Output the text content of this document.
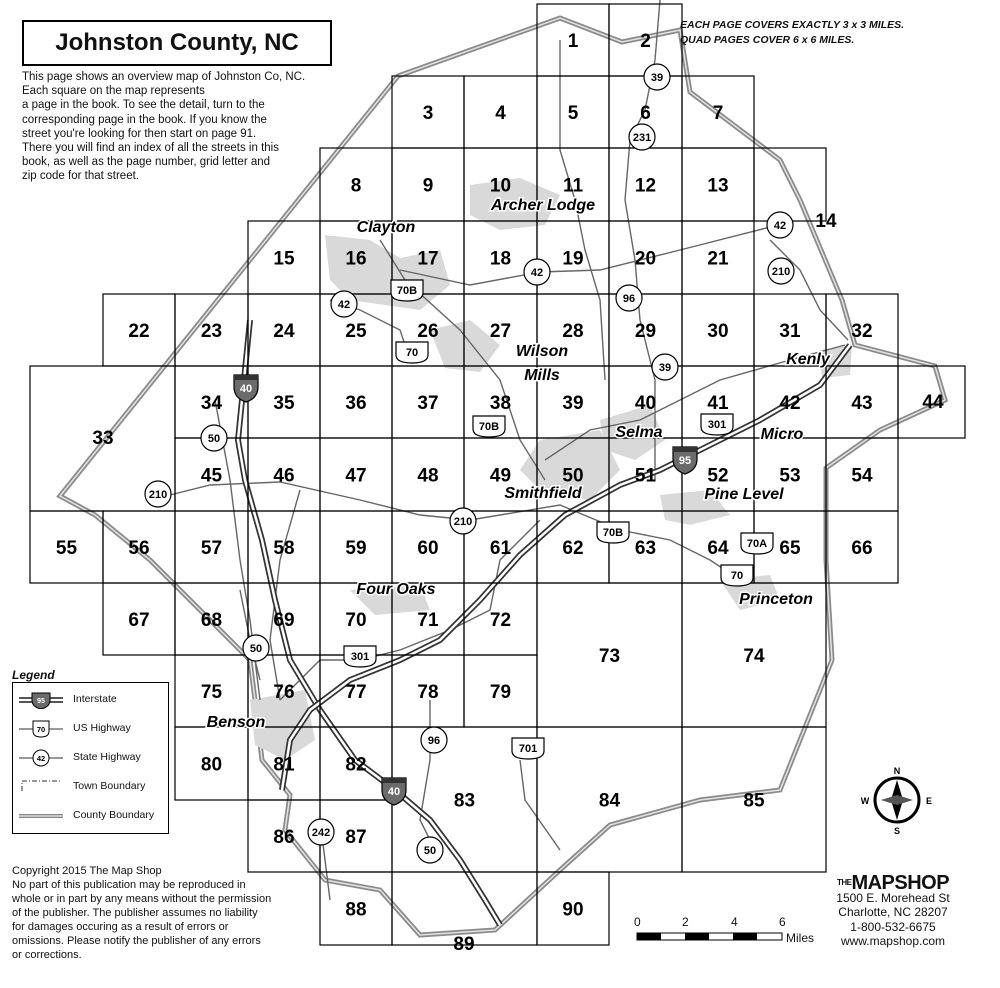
1	2
3	4	5	6	7
8	9	10	11	12	13
14
15	16	17	18	19	20	21
22	23	24	25	26	27	28	29	30	31	32
33
34	35	36	37	38	39	40	41	42	43	44
45	46	47	48	49	50	51	52	53	54
55	56	57	58	59	60	61	62	63	64	65	66
67	68	69	70	71	72
73	74
75	76	77	78	79
80	81	82
83	84	85
86	87
88
89
90
Archer Lodge
Clayton
Wilson
Mills
Kenly
Selma	Micro
Smithfield	Pine Level
Four Oaks
Princeton
Benson
40
95
40
70B
70
70B	301
70B
70A
70
301
701
39
231
42
42
42	96
210
39
50
210
210
50
96
50
242
N
S
E
W
Johnston County, NC
This page shows an overview map of Johnston Co, NC.
Each square on the map represents
a page in the book. To see the detail, turn to the
corresponding page in the book. If you know the
street you're looking for then start on page 91.
There you will find an index of all the streets in this
book, as well as the page number, grid letter and
zip code for that street.
EACH PAGE COVERS EXACTLY 3 x 3 MILES.
QUAD PAGES COVER 6 x 6 MILES.
Legend
95	Interstate
70	US Highway
42	State Highway
Town Boundary
County Boundary
Copyright 2015 The Map Shop
No part of this publication may be reproduced in
whole or in part by any means without the permission
of the publisher. The publisher assumes no liability
for damages occuring as a result of errors or
omissions. Please notify the publisher of any errors
or corrections.
$^{THE}$MAPSHOP
1500 E. Morehead St
Charlotte, NC 28207
1-800-532-6675
www.mapshop.com
0	2	4	6
Miles
